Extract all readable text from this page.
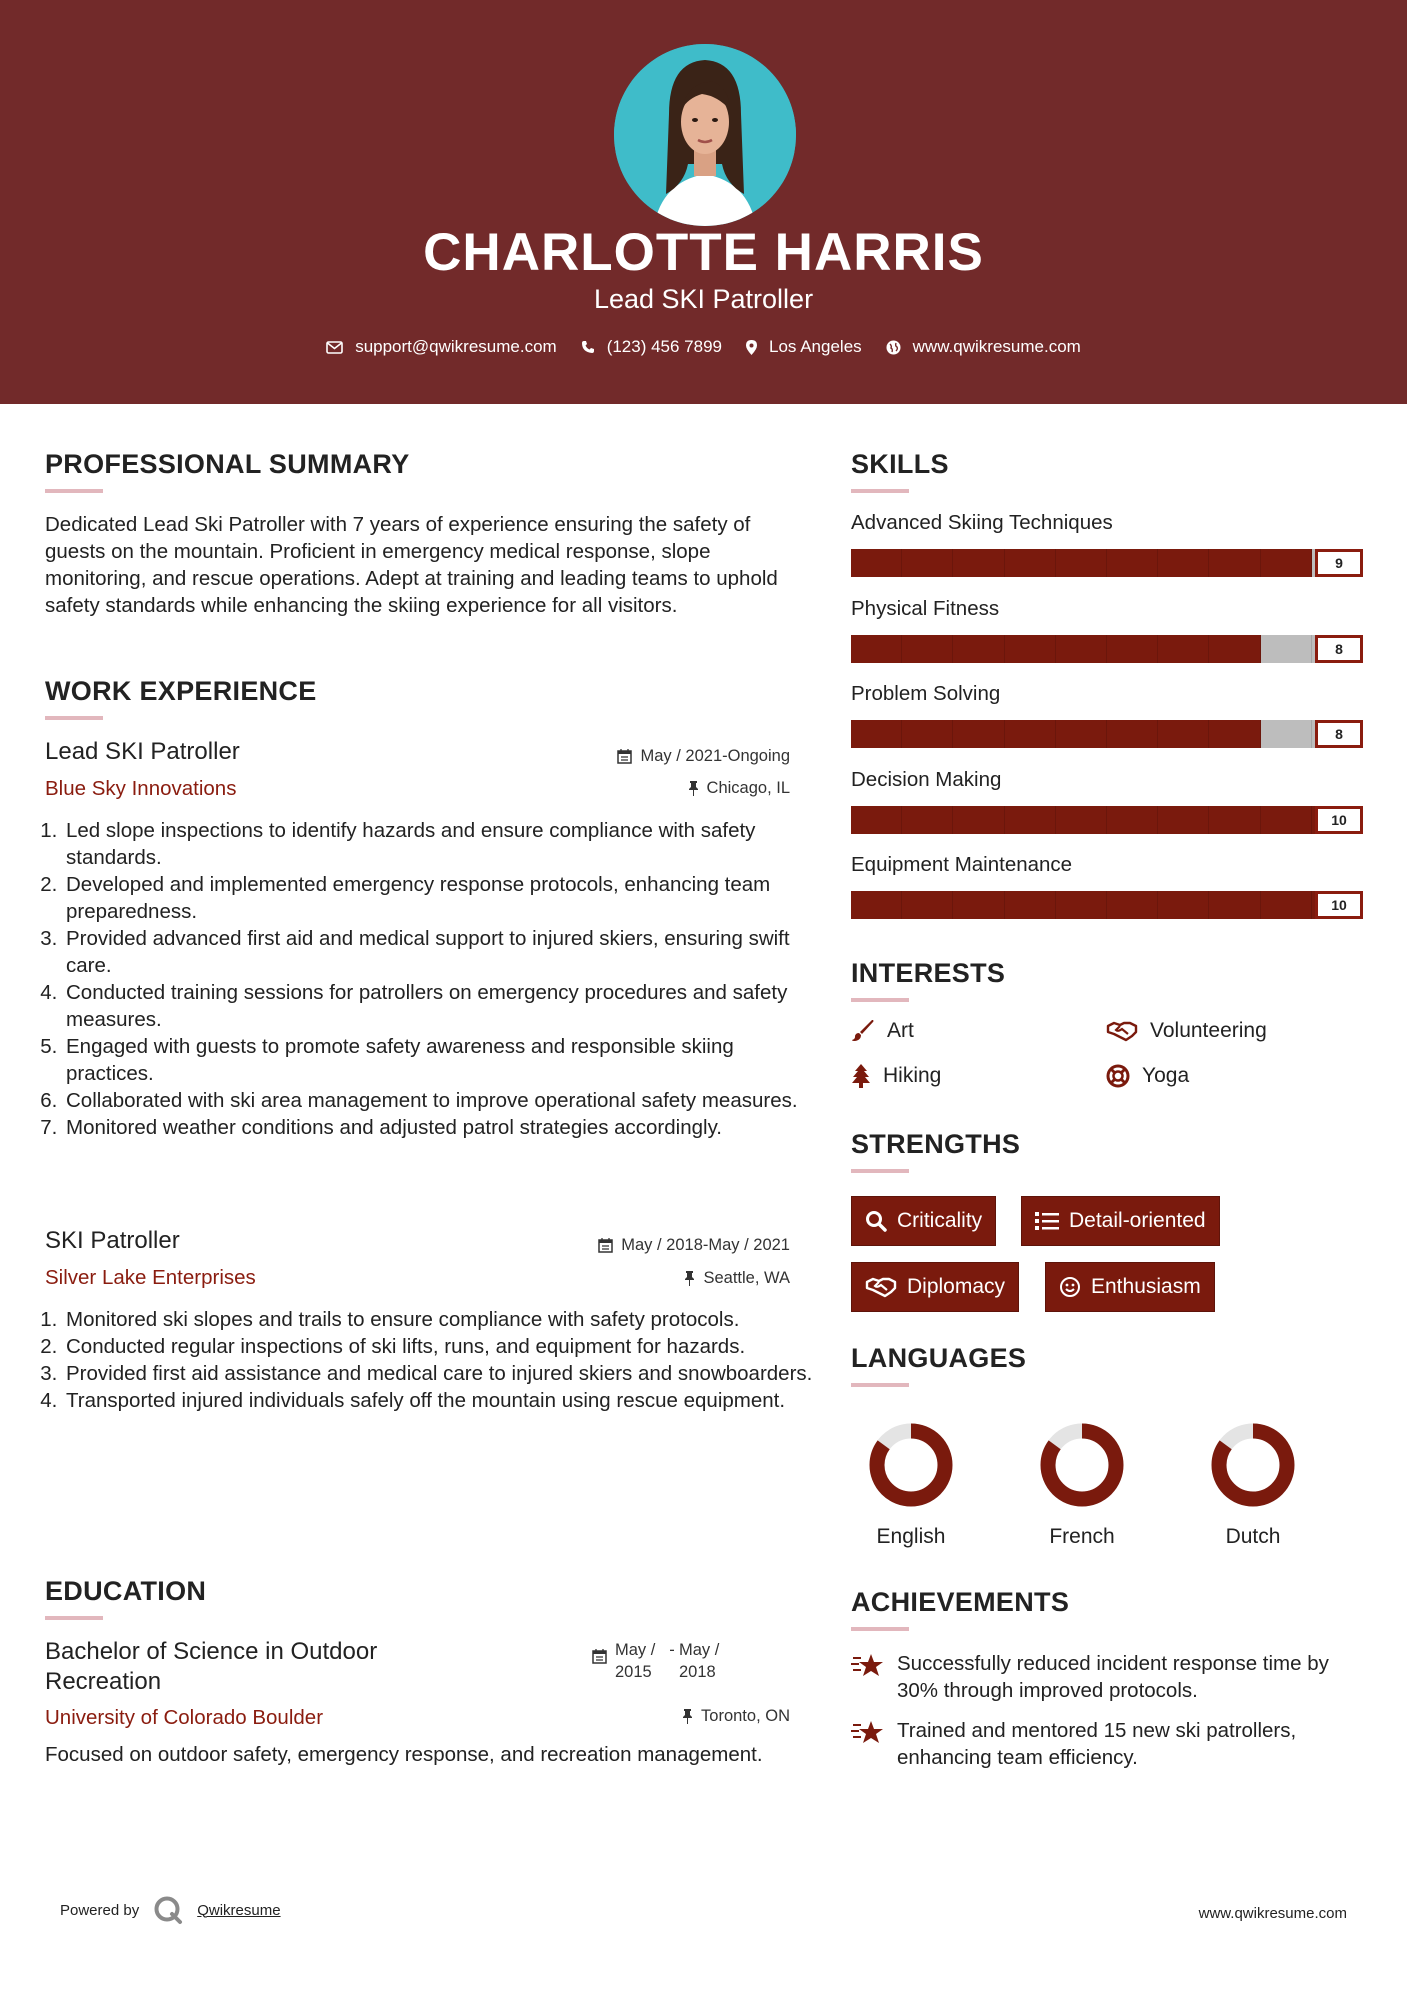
CHARLOTTE HARRIS
Lead SKI Patroller
support@qwikresume.com	(123) 456 7899	Los Angeles	www.qwikresume.com
PROFESSIONAL SUMMARY
Dedicated Lead Ski Patroller with 7 years of experience ensuring the safety of guests on the mountain. Proficient in emergency medical response, slope monitoring, and rescue operations. Adept at training and leading teams to uphold safety standards while enhancing the skiing experience for all visitors.
WORK EXPERIENCE
Lead SKI Patroller
Blue Sky Innovations
May / 2021-Ongoing
Chicago, IL
1. Led slope inspections to identify hazards and ensure compliance with safety standards.
2. Developed and implemented emergency response protocols, enhancing team preparedness.
3. Provided advanced first aid and medical support to injured skiers, ensuring swift care.
4. Conducted training sessions for patrollers on emergency procedures and safety measures.
5. Engaged with guests to promote safety awareness and responsible skiing practices.
6. Collaborated with ski area management to improve operational safety measures.
7. Monitored weather conditions and adjusted patrol strategies accordingly.
SKI Patroller
Silver Lake Enterprises
May / 2018-May / 2021
Seattle, WA
1. Monitored ski slopes and trails to ensure compliance with safety protocols.
2. Conducted regular inspections of ski lifts, runs, and equipment for hazards.
3. Provided first aid assistance and medical care to injured skiers and snowboarders.
4. Transported injured individuals safely off the mountain using rescue equipment.
EDUCATION
Bachelor of Science in Outdoor Recreation
May / 2015
- May / 2018
University of Colorado Boulder	Toronto, ON
Focused on outdoor safety, emergency response, and recreation management.
SKILLS
Advanced Skiing Techniques
9
Physical Fitness
8
Problem Solving
8
Decision Making
10
Equipment Maintenance
10
INTERESTS
Art	Volunteering
Hiking	Yoga
STRENGTHS
Criticality	Detail-oriented
Diplomacy	Enthusiasm
LANGUAGES
English	French	Dutch
ACHIEVEMENTS
Successfully reduced incident response time by 30% through improved protocols.
Trained and mentored 15 new ski patrollers, enhancing team efficiency.
Powered by	Qwikresume	www.qwikresume.com
